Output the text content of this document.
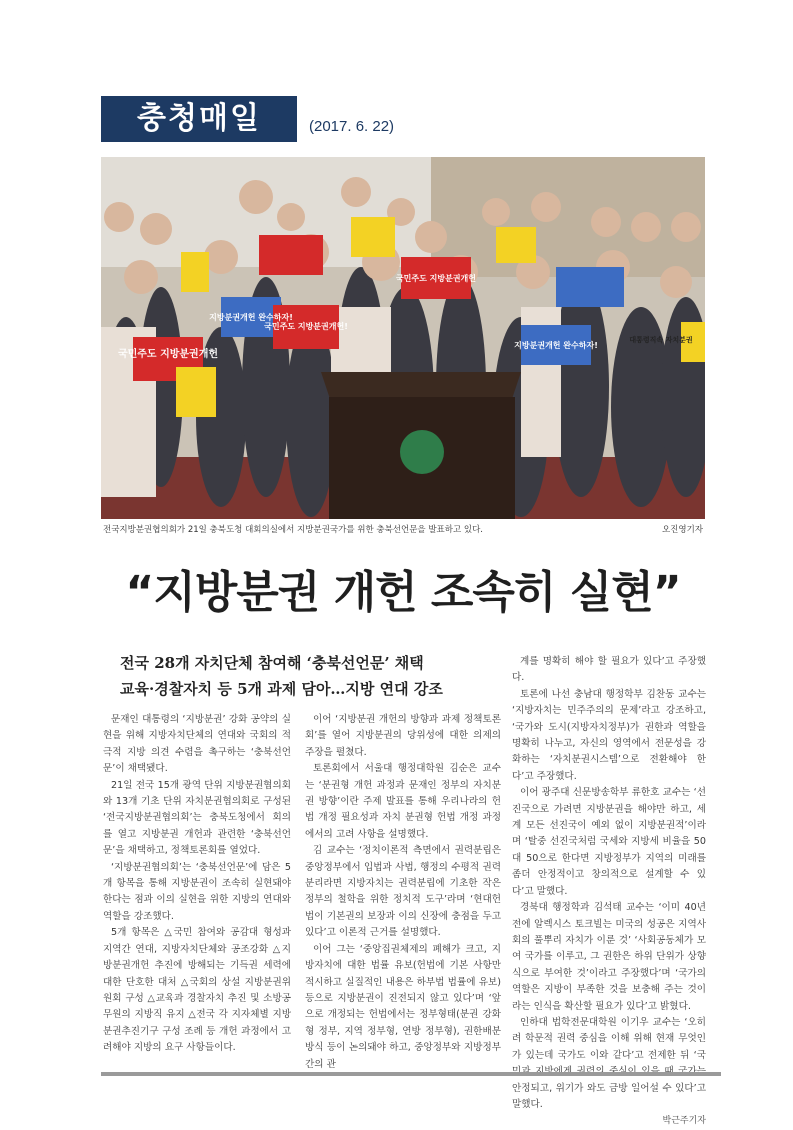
충청매일	(2017. 6. 22)
국민주도 지방분권개헌
지방분권개헌 완수하자!
국민주도 지방분권개헌!
국민주도 지방분권개헌
지방분권개헌 완수하자!
대통령직속 자치분권
전국지방분권협의회가 21일 충북도청 대회의실에서 지방분권국가를 위한 충북선언문을 발표하고 있다.	오진영기자
“지방분권 개헌 조속히 실현”
전국 28개 자치단체 참여해 ‘충북선언문’ 채택
교육·경찰자치 등 5개 과제 담아…지방 연대 강조

문재인 대통령의 ‘지방분권’ 강화 공약의 실현을 위해 지방자치단체의 연대와 국회의 적극적 지방 의견 수렴을 촉구하는 ‘충북선언문’이 채택됐다.

21일 전국 15개 광역 단위 지방분권협의회와 13개 기초 단위 자치분권협의회로 구성된 ‘전국지방분권협의회’는 충북도청에서 회의를 열고 지방분권 개헌과 관련한 ‘충북선언문’을 채택하고, 정책토론회를 열었다.

‘지방분권협의회’는 ‘충북선언문’에 담은 5개 항목을 통해 지방분권이 조속히 실현돼야 한다는 점과 이의 실현을 위한 지방의 연대와 역할을 강조했다.

5개 항목은 △국민 참여와 공감대 형성과 지역간 연대, 지방자치단체와 공조강화 △지방분권개헌 추진에 방해되는 기득권 세력에 대한 단호한 대처 △국회의 상설 지방분권위원회 구성 △교육과 경찰자치 추진 및 소방공무원의 지방직 유지 △전국 각 지자체별 지방분권추진기구 구성 조례 등 개헌 과정에서 고려해야 지방의 요구 사항들이다.

이어 ‘지방분권 개헌의 방향과 과제 정책토론회’를 열어 지방분권의 당위성에 대한 의제의 주장을 펼쳤다.

토론회에서 서울대 행정대학원 김순은 교수는 ‘분권형 개헌 과정과 문재인 정부의 자치분권 방향’이란 주제 발표를 통해 우리나라의 헌법 개정 필요성과 자치 분권형 헌법 개정 과정에서의 고려 사항을 설명했다.

김 교수는 ‘정치이론적 측면에서 권력분립은 중앙정부에서 입법과 사법, 행정의 수평적 권력분리라면 지방자치는 권력분립에 기초한 작은 정부의 철학을 위한 정치적 도구’라며 ‘현대헌법이 기본권의 보장과 이의 신장에 충점을 두고 있다’고 이론적 근거를 설명했다.

이어 그는 ‘중앙집권체제의 폐해가 크고, 지방자치에 대한 법률 유보(헌법에 기본 사항만 적시하고 실질적인 내용은 하부법 법률에 유보) 등으로 지방분권이 진전되지 않고 있다’며 ‘앞으로 개정되는 헌법에서는 정부형태(분권 강화형 정부, 지역 정부형, 연방 정부형), 권한배분 방식 등이 논의돼야 하고, 중앙정부와 지방정부 간의 관

계를 명확히 해야 할 필요가 있다’고 주장했다.

토론에 나선 충남대 행정학부 김찬동 교수는 ‘지방자치는 민주주의의 문제’라고 강조하고, ‘국가와 도시(지방자치정부)가 권한과 역할을 명확히 나누고, 자신의 영역에서 전문성을 강화하는 ‘자치분권시스템’으로 전환해야 한다’고 주장했다.

이어 광주대 신문방송학부 류한호 교수는 ‘선진국으로 가려면 지방분권을 해야만 하고, 세계 모든 선진국이 예외 없이 지방분권적’이라며 ‘탈중 선진국처럼 국세와 지방세 비율을 50대 50으로 한다면 지방정부가 지역의 미래를 좀더 안정적이고 창의적으로 설계할 수 있다’고 말했다.

경북대 행정학과 김석태 교수는 ‘이미 40년전에 알렉시스 토크빌는 미국의 성공은 지역사회의 풀뿌리 자치가 이룬 것’ ‘사회공동체가 모여 국가를 이루고, 그 권한은 하위 단위가 상향식으로 부여한 것’이라고 주장했다’며 ‘국가의 역할은 지방이 부족한 것을 보충해 주는 것이라는 인식을 확산할 필요가 있다’고 밝혔다.

인하대 법학전문대학원 이기우 교수는 ‘오히려 학문적 권력 중심을 이해 위해 현재 무엇인가 있는데 국가도 이와 같다’고 전제한 뒤 ‘국 안정되고, 위기가 와도 금방 일어설 수 있다’고 말했다.

박근주기자
